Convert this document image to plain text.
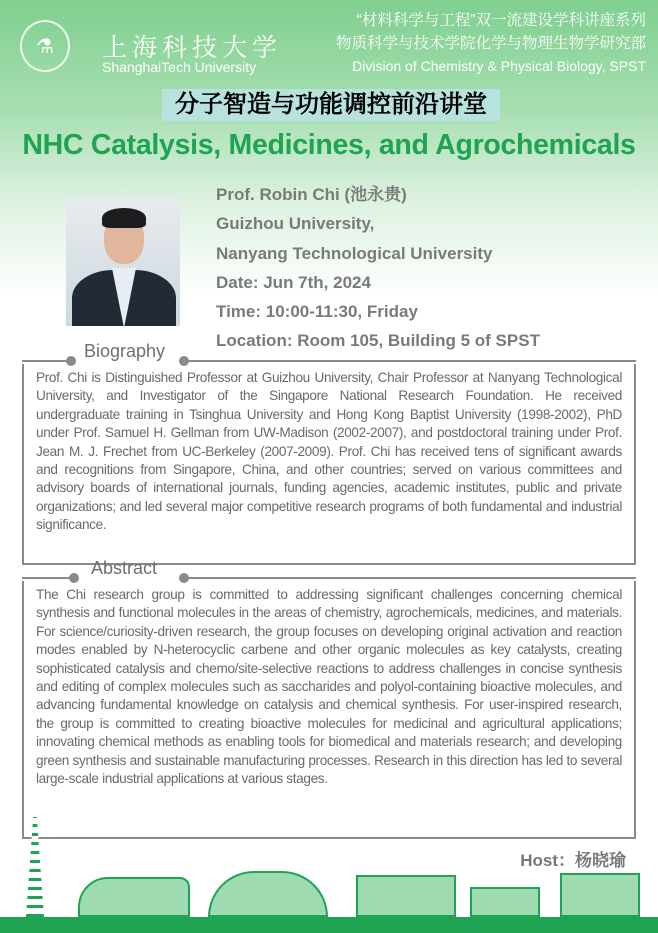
⚗	上海科技大学
ShanghaiTech University
“材料科学与工程”双一流建设学科讲座系列
物质科学与技术学院化学与物理生物学研究部
Division of Chemistry & Physical Biology, SPST
分子智造与功能调控前沿讲堂
NHC Catalysis, Medicines, and Agrochemicals
Prof. Robin Chi (池永贵)
Guizhou University,
Nanyang Technological University
Date: Jun 7th, 2024
Time: 10:00-11:30, Friday
Location: Room 105, Building 5 of SPST
Biography

Prof. Chi is Distinguished Professor at Guizhou University, Chair Professor at Nanyang Technological University, and Investigator of the Singapore National Research Foundation. He received undergraduate training in Tsinghua University and Hong Kong Baptist University (1998-2002), PhD under Prof. Samuel H. Gellman from UW-Madison (2002-2007), and postdoctoral training under Prof. Jean M. J. Frechet from UC-Berkeley (2007-2009). Prof. Chi has received tens of significant awards and recognitions from Singapore, China, and other countries; served on various committees and advisory boards of international journals, funding agencies, academic institutes, public and private organizations; and led several major competitive research programs of both fundamental and industrial significance.

Abstract

The Chi research group is committed to addressing significant challenges concerning chemical synthesis and functional molecules in the areas of chemistry, agrochemicals, medicines, and materials. For science/curiosity-driven research, the group focuses on developing original activation and reaction modes enabled by N-heterocyclic carbene and other organic molecules as key catalysts, creating sophisticated catalysis and chemo/site-selective reactions to address challenges in concise synthesis and editing of complex molecules such as saccharides and polyol-containing bioactive molecules, and advancing fundamental knowledge on catalysis and chemical synthesis. For user-inspired research, the group is committed to creating bioactive molecules for medicinal and agricultural applications; innovating chemical methods as enabling tools for biomedical and materials research; and developing green synthesis and sustainable manufacturing processes. Research in this direction has led to several large-scale industrial applications at various stages.

Host：杨晓瑜
